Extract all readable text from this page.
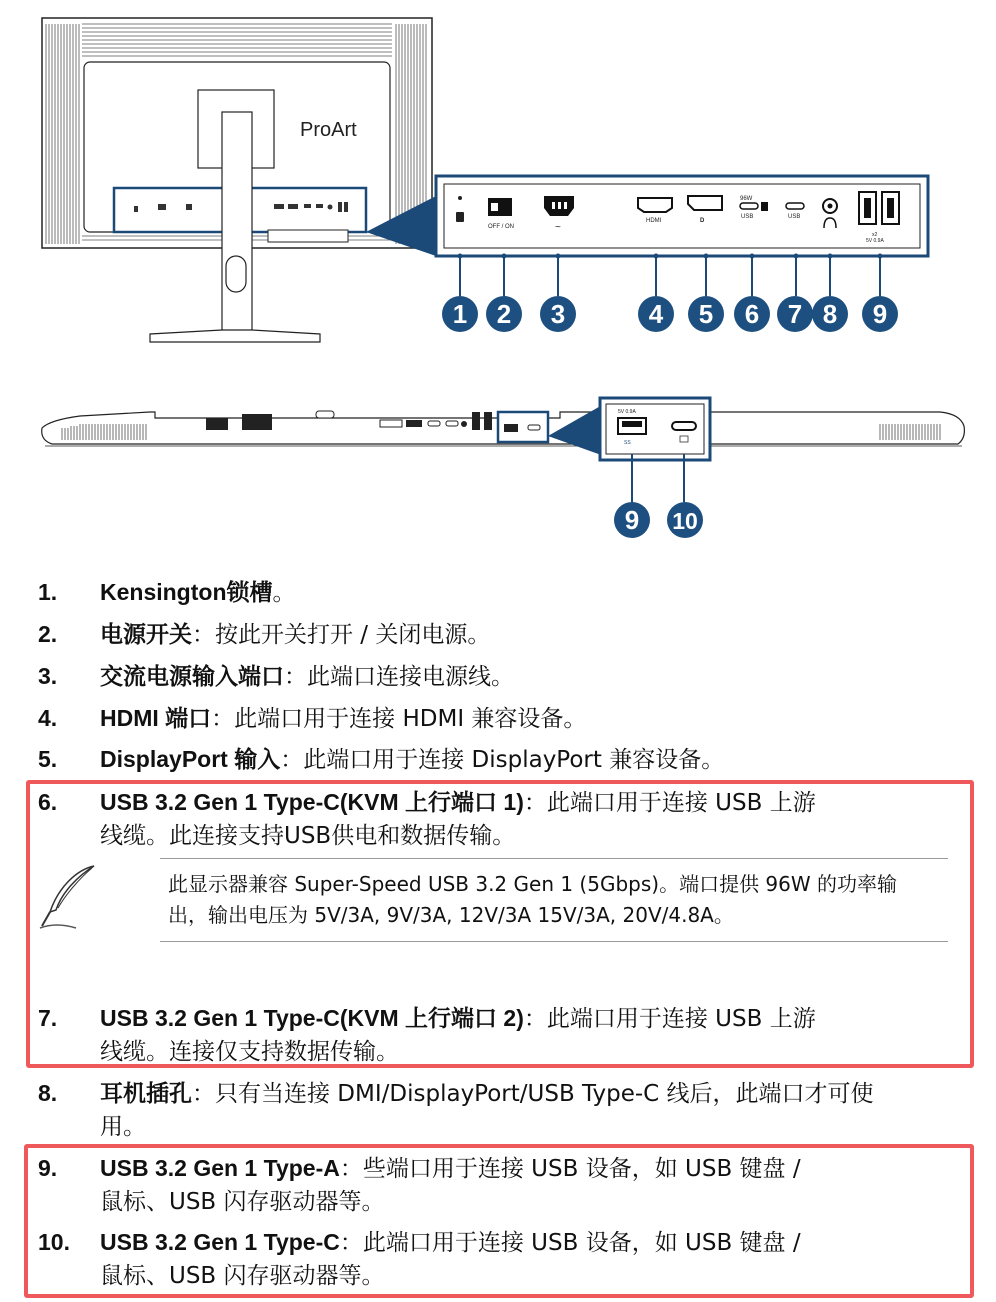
ProArt
OFF / ON	~
HDMI	D
96W
USB	USB
x2
5V 0.9A
1 2 3	4 5 6 7 8 9
5V 0.9A
SS
9 10
1. Kensington锁槽。
2. 电源开关：按此开关打开 / 关闭电源。
3. 交流电源输入端口：此端口连接电源线。
4. HDMI 端口：此端口用于连接 HDMI 兼容设备。
5. DisplayPort 输入：此端口用于连接 DisplayPort 兼容设备。
6. USB 3.2 Gen 1 Type-C(KVM 上行端口 1)：此端口用于连接 USB 上游
线缆。此连接支持USB供电和数据传输。
此显示器兼容 Super-Speed USB 3.2 Gen 1 (5Gbps)。端口提供 96W 的功率输
出，输出电压为 5V/3A, 9V/3A, 12V/3A 15V/3A, 20V/4.8A。
7. USB 3.2 Gen 1 Type-C(KVM 上行端口 2)：此端口用于连接 USB 上游
线缆。连接仅支持数据传输。
8. 耳机插孔：只有当连接 DMI/DisplayPort/USB Type-C 线后，此端口才可使
用。
9. USB 3.2 Gen 1 Type-A：些端口用于连接 USB 设备，如 USB 键盘 /
鼠标、USB 闪存驱动器等。
10. USB 3.2 Gen 1 Type-C：此端口用于连接 USB 设备，如 USB 键盘 /
鼠标、USB 闪存驱动器等。
